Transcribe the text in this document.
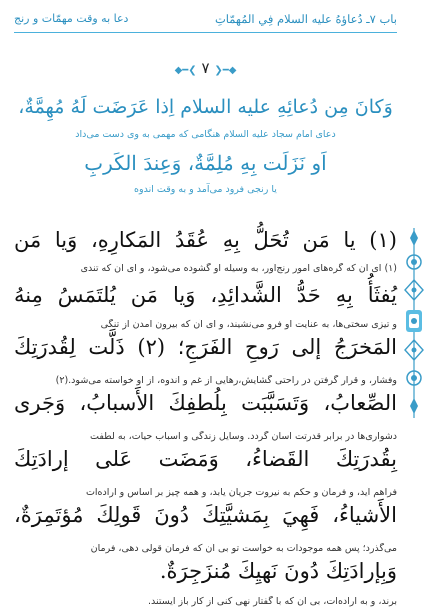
باب ۷ـ دُعاؤهُ عليه السلام فِي المُهمّاتِ
دعا به وقت مهمّات و رنج
◆━❮ ۷ ❯━◆
وَكانَ مِن دُعائِهِ عليه السلام اِذا عَرَضَت لَهُ مُهِمَّةٌ،
دعای امام سجاد علیه السلام هنگامی که مهمی به وی دست می‌داد
اَو نَزَلَت بِهِ مُلِمَّةٌ، وَعِندَ الكَربِ
یا رنجی فرود می‌آمد و به وقت اندوه
(۱) يا مَن تُحَلُّ بِهِ عُقَدُ المَكارِهِ، وَيا مَن
(۱) ای آن که گره‌های امور رنج‌آور، به وسیله او گشوده می‌شود، و ای آن که تندی
يُفثَأُ بِهِ حَدُّ الشَّدائِدِ، وَيا مَن يُلتَمَسُ مِنهُ
و تیزی سختی‌ها، به عنایت او فرو می‌نشیند، و ای آن که بیرون آمدن از تنگی
المَخرَجُ إلى رَوحِ الفَرَجِ؛ (۲) ذَلَّت لِقُدرَتِكَ
وفشار، و قرار گرفتن در راحتی گشایش،رهایی از غم و اندوه، از او خواسته می‌شود.(۲)
الصِّعابُ، وَتَسَبَّبَت بِلُطفِكَ الأَسبابُ، وَجَرى
دشواری‌ها در برابر قدرتت آسان گردد. وسایل زندگی و اسباب حیات، به لطفت
بِقُدرَتِكَ القَضاءُ، وَمَضَت عَلى إرادَتِكَ
فراهم آید، و فرمان و حکم به نیروت جریان یابد، و همه چیز بر اساس و اراده‌ات
الأَشياءُ، فَهِيَ بِمَشيَّتِكَ دُونَ قَولِكَ مُؤتَمِرَةٌ،
می‌گذرد؛ پس همه موجودات به خواست تو بی آن که فرمان قولی دهی، فرمان
وَبِإرادَتِكَ دُونَ نَهيِكَ مُنزَجِرَةٌ.
برند، و به اراده‌ات، بی آن که با گفتار نهی کنی از کار باز ایستند.
